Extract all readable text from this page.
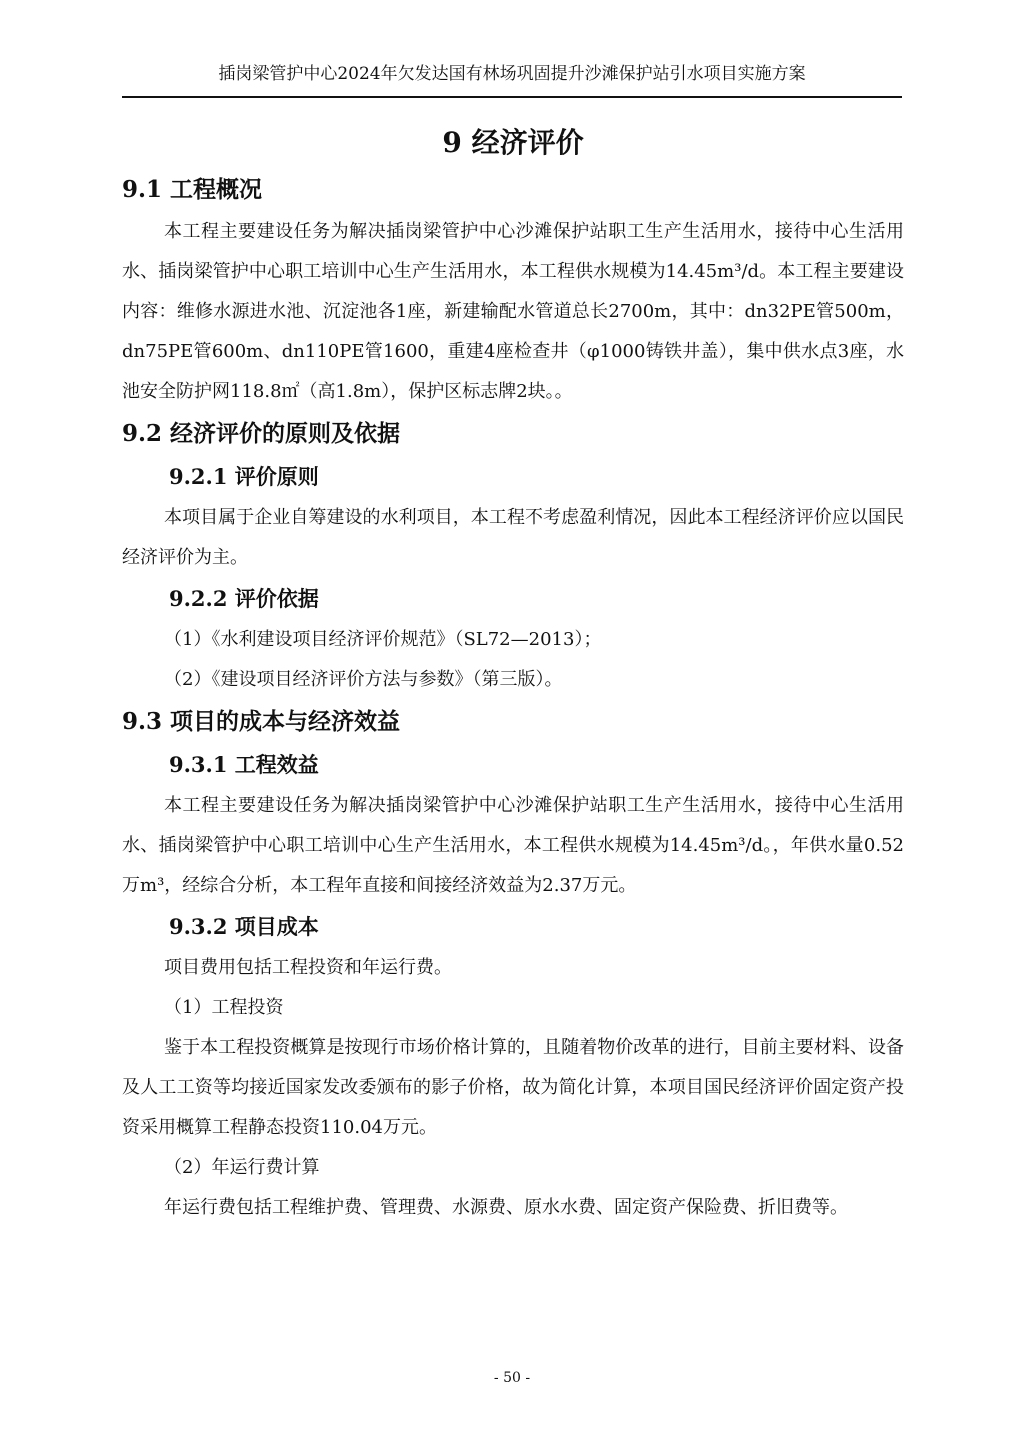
插岗梁管护中心2024年欠发达国有林场巩固提升沙滩保护站引水项目实施方案
9 经济评价
9.1 工程概况

本工程主要建设任务为解决插岗梁管护中心沙滩保护站职工生产生活用水，接待中心生活用水、插岗梁管护中心职工培训中心生产生活用水，本工程供水规模为14.45m³/d。本工程主要建设内容：维修水源进水池、沉淀池各1座，新建输配水管道总长2700m，其中：dn32PE管500m，dn75PE管600m、dn110PE管1600，重建4座检查井（φ1000铸铁井盖），集中供水点3座，水池安全防护网118.8㎡（高1.8m），保护区标志牌2块。。

9.2 经济评价的原则及依据
9.2.1 评价原则

本项目属于企业自筹建设的水利项目，本工程不考虑盈利情况，因此本工程经济评价应以国民经济评价为主。

9.2.2 评价依据

（1）《水利建设项目经济评价规范》（SL72—2013）；

（2）《建设项目经济评价方法与参数》（第三版）。

9.3 项目的成本与经济效益
9.3.1 工程效益

本工程主要建设任务为解决插岗梁管护中心沙滩保护站职工生产生活用水，接待中心生活用水、插岗梁管护中心职工培训中心生产生活用水，本工程供水规模为14.45m³/d。，年供水量0.52万m³，经综合分析，本工程年直接和间接经济效益为2.37万元。

9.3.2 项目成本

项目费用包括工程投资和年运行费。

（1）工程投资

鉴于本工程投资概算是按现行市场价格计算的，且随着物价改革的进行，目前主要材料、设备及人工工资等均接近国家发改委颁布的影子价格，故为简化计算，本项目国民经济评价固定资产投资采用概算工程静态投资110.04万元。

（2）年运行费计算

年运行费包括工程维护费、管理费、水源费、原水水费、固定资产保险费、折旧费等。

- 50 -
